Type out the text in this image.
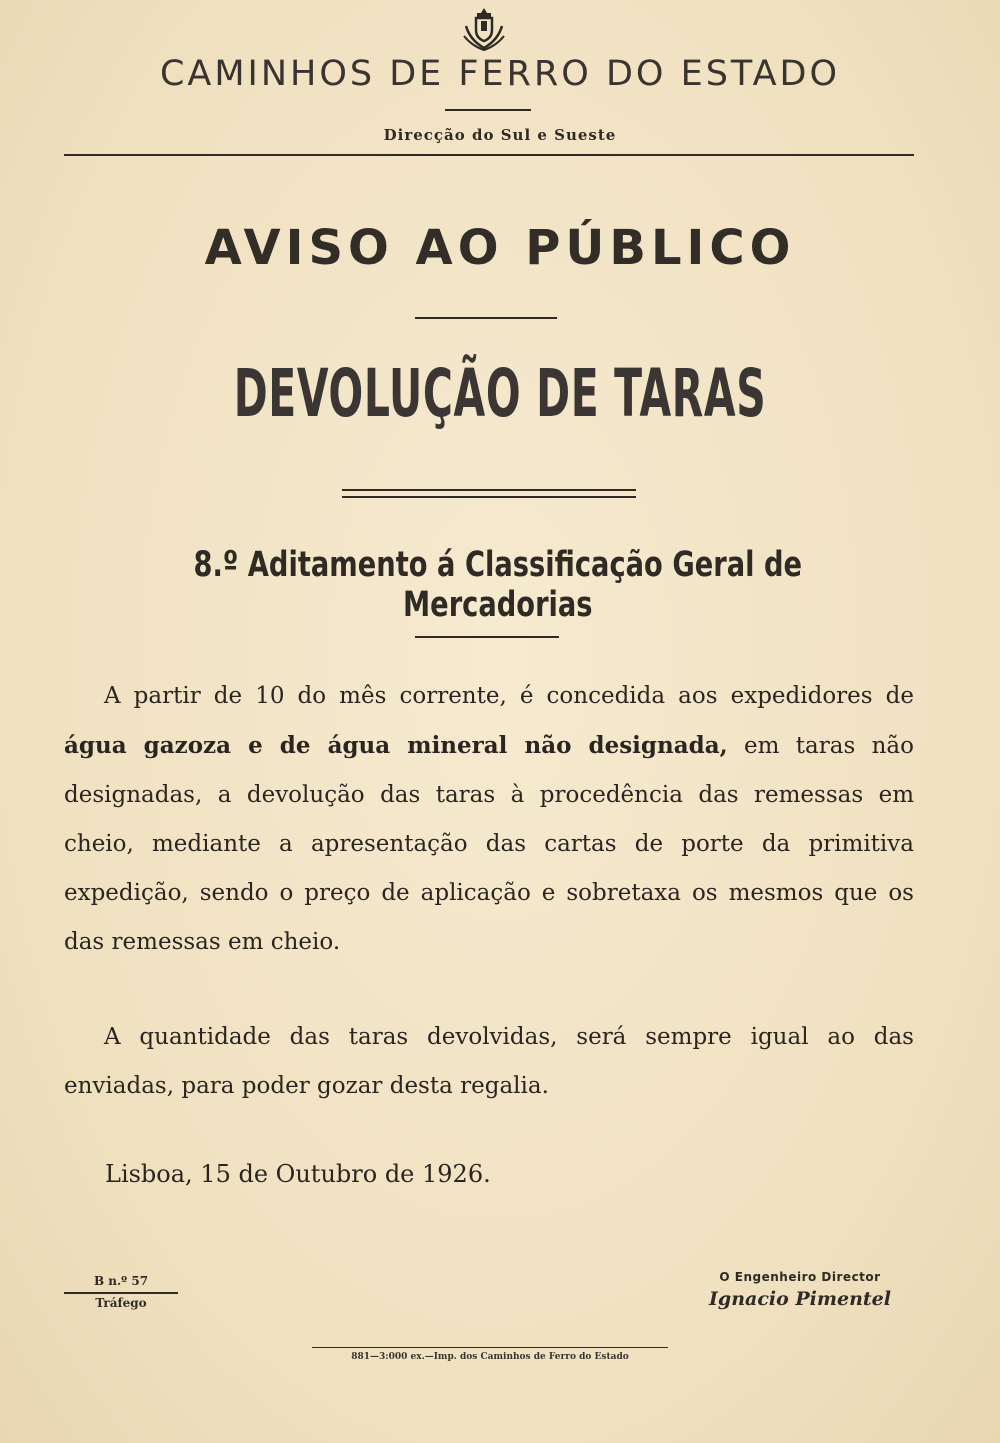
CAMINHOS DE FERRO DO ESTADO
Direcção do Sul e Sueste
AVISO AO PÚBLICO
DEVOLUÇÃO DE TARAS
8.º Aditamento á Classificação Geral de Mercadorias
A partir de 10 do mês corrente, é concedida aos expedidores de água gazoza e de água mineral não designada, em taras não designadas, a devolução das taras à procedência das remessas em cheio, mediante a apresentação das cartas de porte da primitiva expedição, sendo o preço de aplicação e sobretaxa os mesmos que os das remessas em cheio.
A quantidade das taras devolvidas, será sempre igual ao das enviadas, para poder gozar desta regalia.
Lisboa, 15 de Outubro de 1926.
B n.º 57
Tráfego
O Engenheiro Director
Ignacio Pimentel
881—3:000 ex.—Imp. dos Caminhos de Ferro do Estado
